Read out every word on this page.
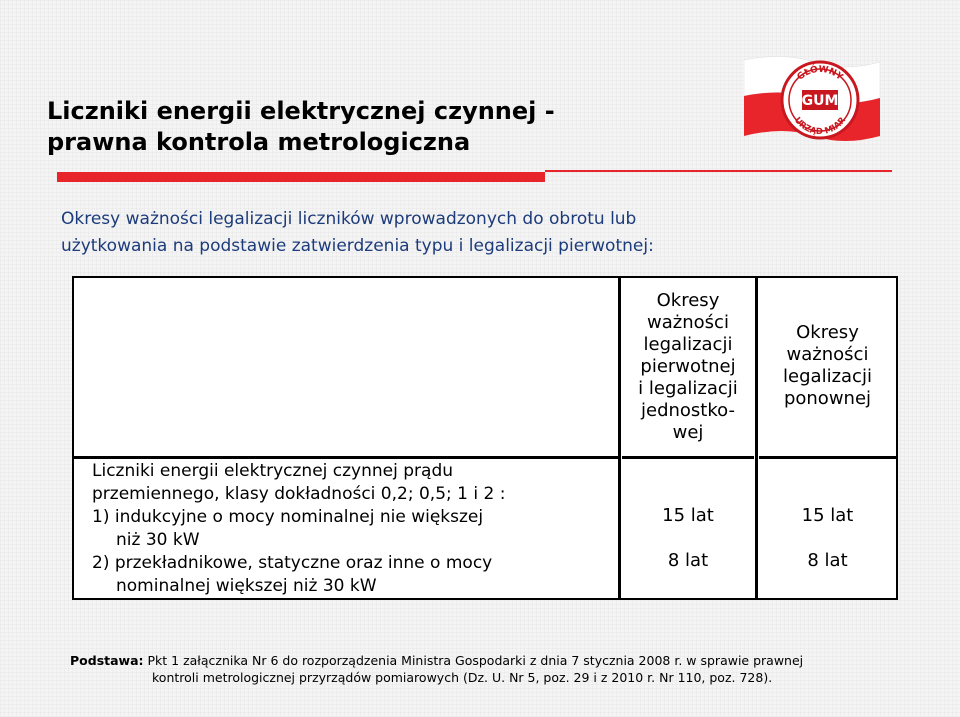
Liczniki energii elektrycznej czynnej -
prawna kontrola metrologiczna
GŁÓWNY
URZĄD MIAR
GUM

Okresy ważności legalizacji liczników wprowadzonych do obrotu lub
użytkowania na podstawie zatwierdzenia typu i legalizacji pierwotnej:

Okresy
ważności
legalizacji
pierwotnej
i legalizacji
jednostko-
wej
Okresy
ważności
legalizacji
ponownej
Liczniki energii elektrycznej czynnej prądu
przemiennego, klasy dokładności 0,2; 0,5; 1 i 2 :
1) indukcyjne o mocy nominalnej nie większej
niż 30 kW
2) przekładnikowe, statyczne oraz inne o mocy
nominalnej większej niż 30 kW
15 lat
8 lat
15 lat
8 lat
Podstawa: Pkt 1 załącznika Nr 6 do rozporządzenia Ministra Gospodarki z dnia 7 stycznia 2008 r. w sprawie prawnej
kontroli metrologicznej przyrządów pomiarowych (Dz. U. Nr 5, poz. 29 i z 2010 r. Nr 110, poz. 728).
